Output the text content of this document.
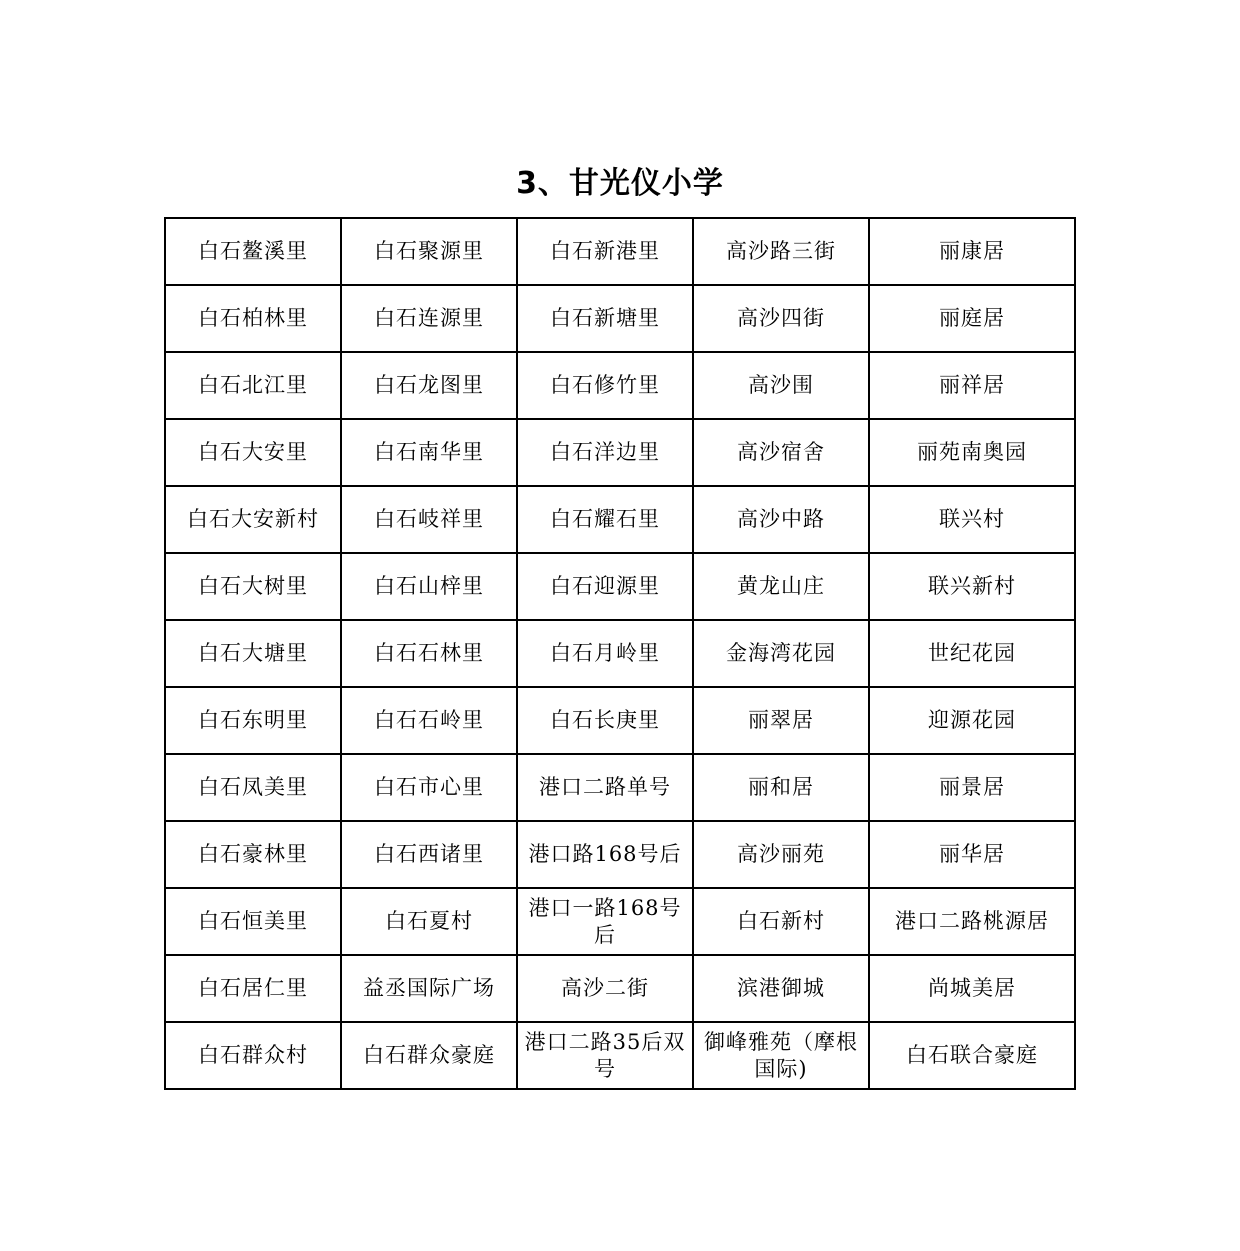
3、甘光仪小学
白石鳌溪里	白石聚源里	白石新港里	高沙路三街	丽康居
白石柏林里	白石连源里	白石新塘里	高沙四街	丽庭居
白石北江里	白石龙图里	白石修竹里	高沙围	丽祥居
白石大安里	白石南华里	白石洋边里	高沙宿舍	丽苑南奥园
白石大安新村	白石岐祥里	白石耀石里	高沙中路	联兴村
白石大树里	白石山梓里	白石迎源里	黄龙山庄	联兴新村
白石大塘里	白石石林里	白石月岭里	金海湾花园	世纪花园
白石东明里	白石石岭里	白石长庚里	丽翠居	迎源花园
白石凤美里	白石市心里	港口二路单号	丽和居	丽景居
白石豪林里	白石西诸里	港口路168号后	高沙丽苑	丽华居
白石恒美里	白石夏村	港口一路168号后	白石新村	港口二路桃源居
白石居仁里	益丞国际广场	高沙二街	滨港御城	尚城美居
白石群众村	白石群众豪庭	港口二路35后双号	御峰雅苑（摩根国际)	白石联合豪庭
